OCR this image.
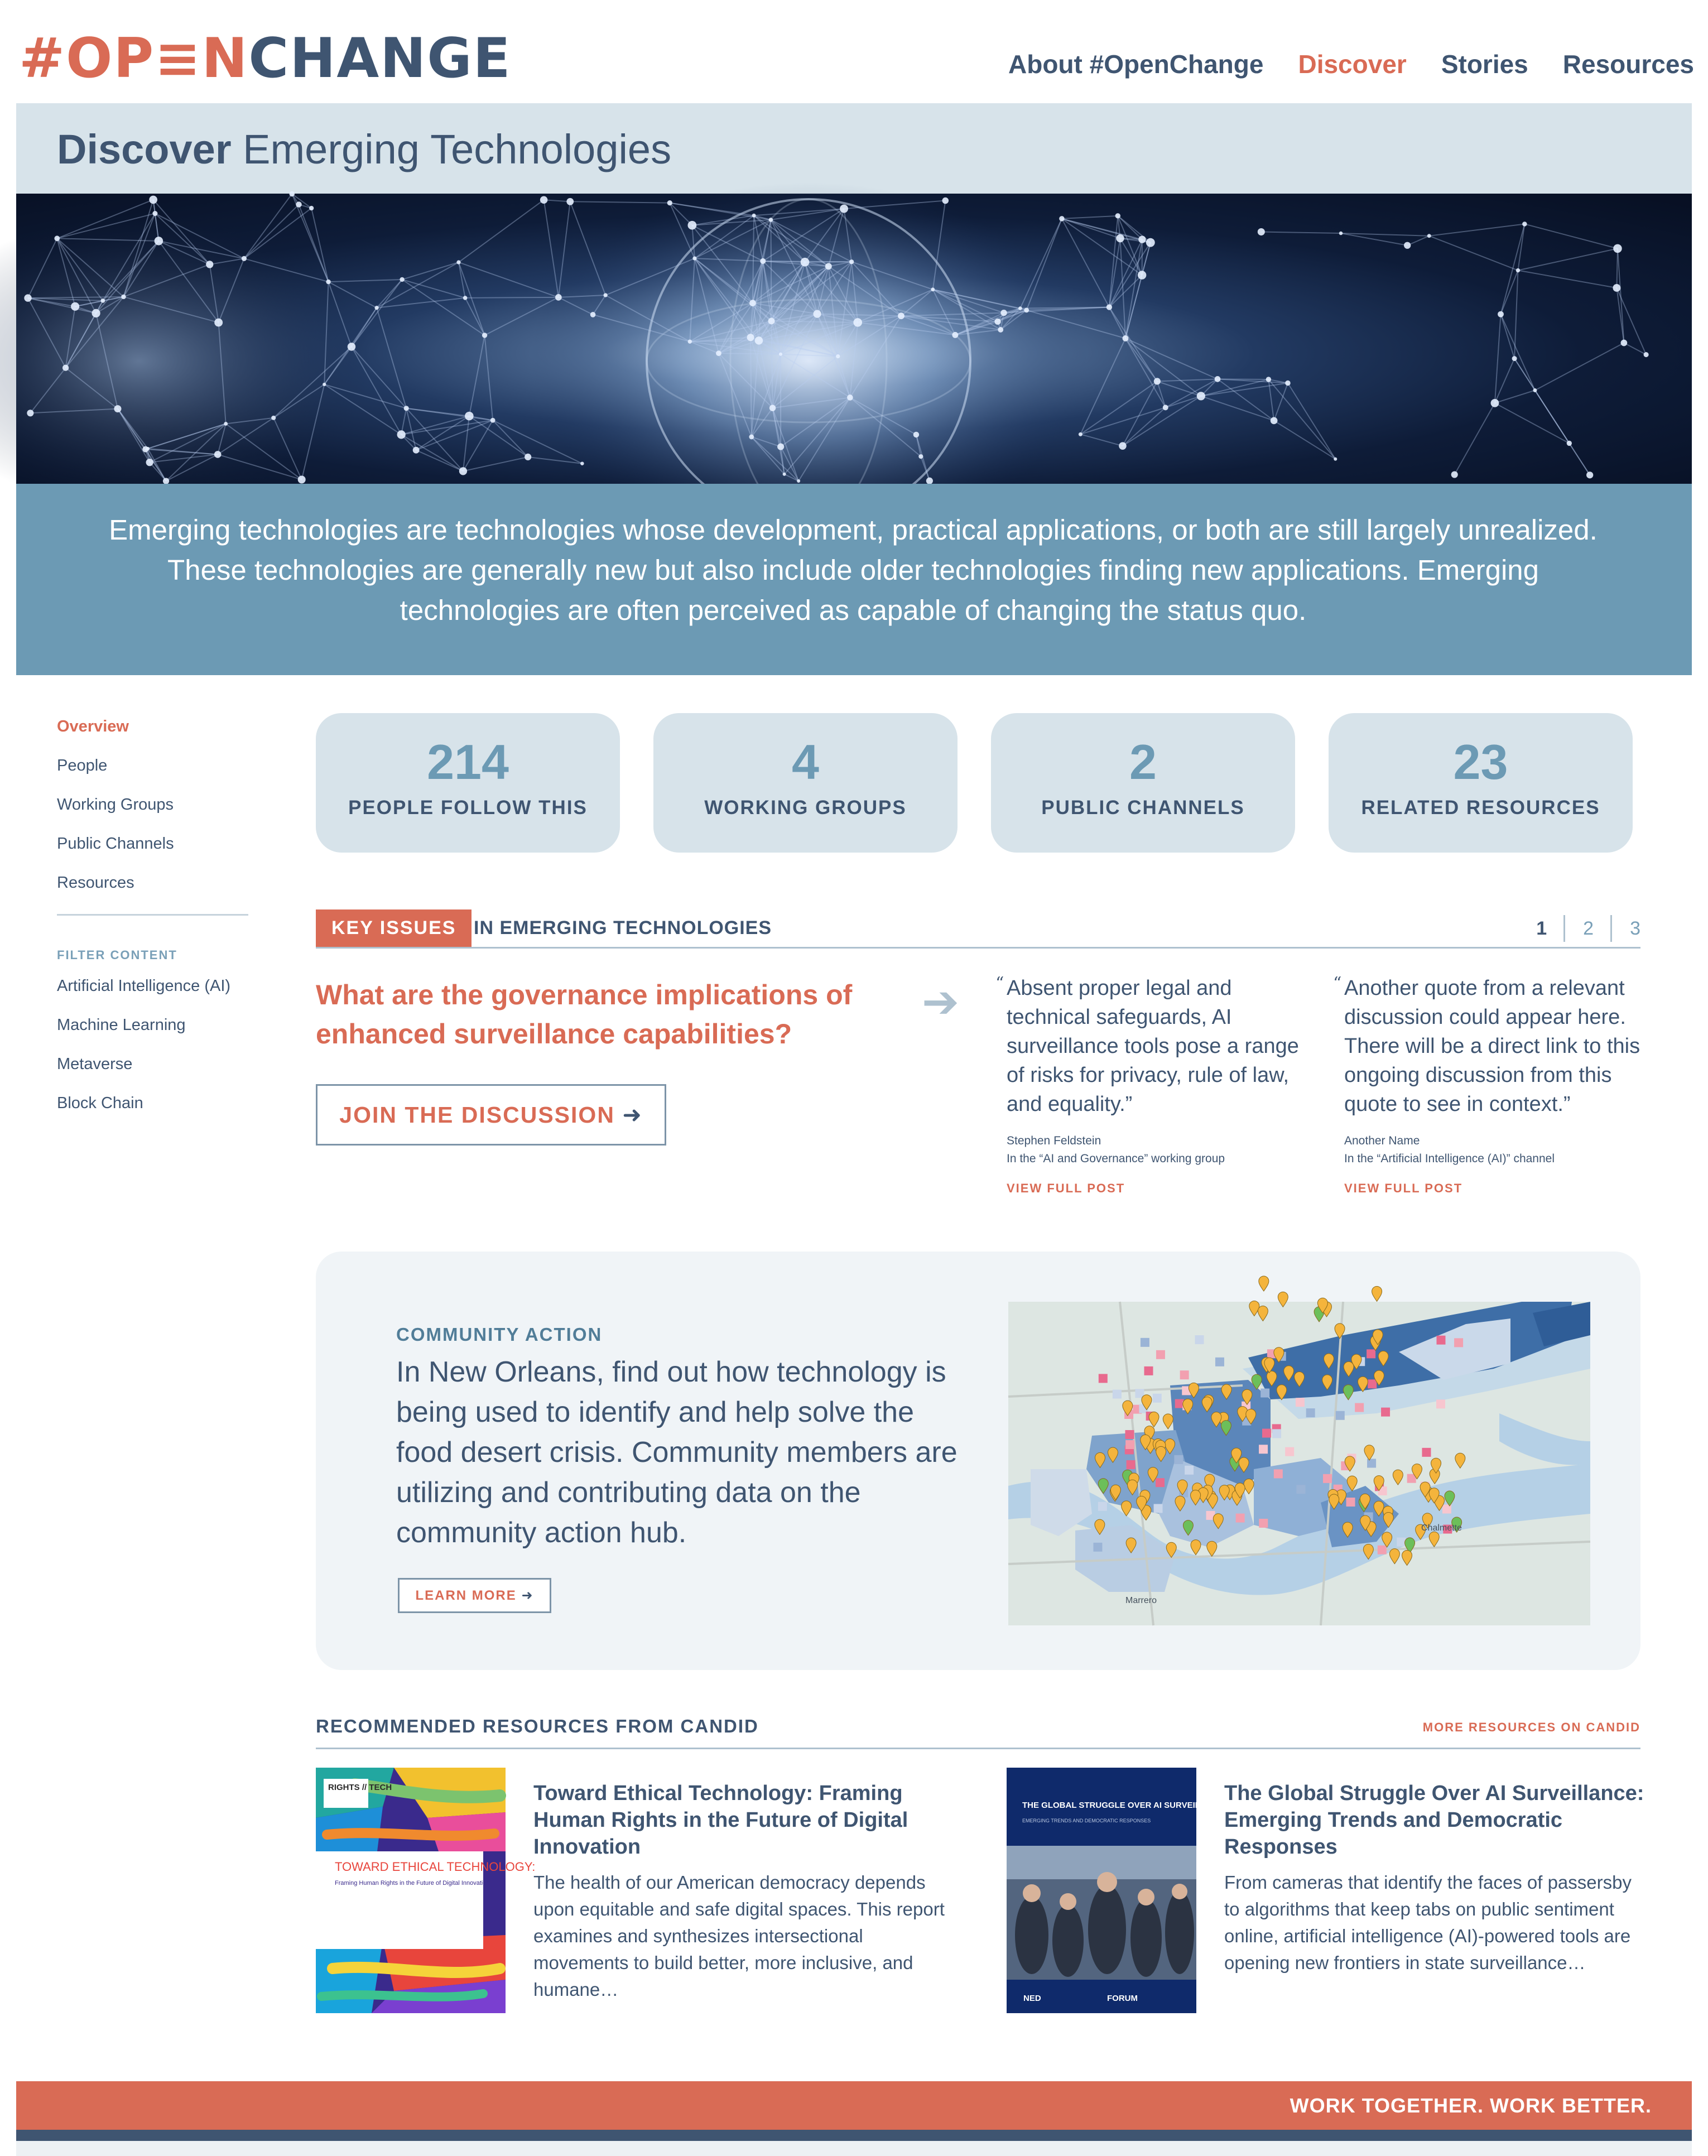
#OP≡NCHANGE	About #OpenChange Discover Stories Resources
Discover Emerging Technologies

Emerging technologies are technologies whose development, practical applications, or both are still largely unrealized. These technologies are generally new but also include older technologies finding new applications. Emerging technologies are often perceived as capable of changing the status quo.

Overview
People
Working Groups
Public Channels
Resources
FILTER CONTENT
Artificial Intelligence (AI)
Machine Learning
Metaverse
Block Chain
214
PEOPLE FOLLOW THIS
4
WORKING GROUPS
2
PUBLIC CHANNELS
23
RELATED RESOURCES
KEY ISSUES IN EMERGING TECHNOLOGIES	1	2	3
What are the governance implications of enhanced surveillance capabilities?
➔
JOIN THE DISCUSSION ➜
“ Absent proper legal and technical safeguards, AI surveillance tools pose a range of risks for privacy, rule of law, and equality.”
Stephen Feldstein
In the “AI and Governance” working group
VIEW FULL POST
“ Another quote from a relevant discussion could appear here. There will be a direct link to this ongoing discussion from this quote to see in context.”
Another Name
In the “Artificial Intelligence (AI)” channel
VIEW FULL POST
COMMUNITY ACTION
In New Orleans, find out how technology is being used to identify and help solve the food desert crisis. Community members are utilizing and contributing data on the community action hub.
LEARN MORE ➜
Chalmette
Marrero
RECOMMENDED RESOURCES FROM CANDID	MORE RESOURCES ON CANDID
RIGHTS // TECH
TOWARD ETHICAL TECHNOLOGY:
Framing Human Rights in the Future of Digital Innovation
Toward Ethical Technology: Framing Human Rights in the Future of Digital Innovation

The health of our American democracy depends upon equitable and safe digital spaces. This report examines and synthesizes intersectional movements to build better, more inclusive, and humane…

THE GLOBAL STRUGGLE OVER AI SURVEILLANCE
EMERGING TRENDS AND DEMOCRATIC RESPONSES
NED	FORUM
The Global Struggle Over AI Surveillance: Emerging Trends and Democratic Responses

From cameras that identify the faces of passersby to algorithms that keep tabs on public sentiment online, artificial intelligence (AI)-powered tools are opening new frontiers in state surveillance…

WORK TOGETHER. WORK BETTER.
